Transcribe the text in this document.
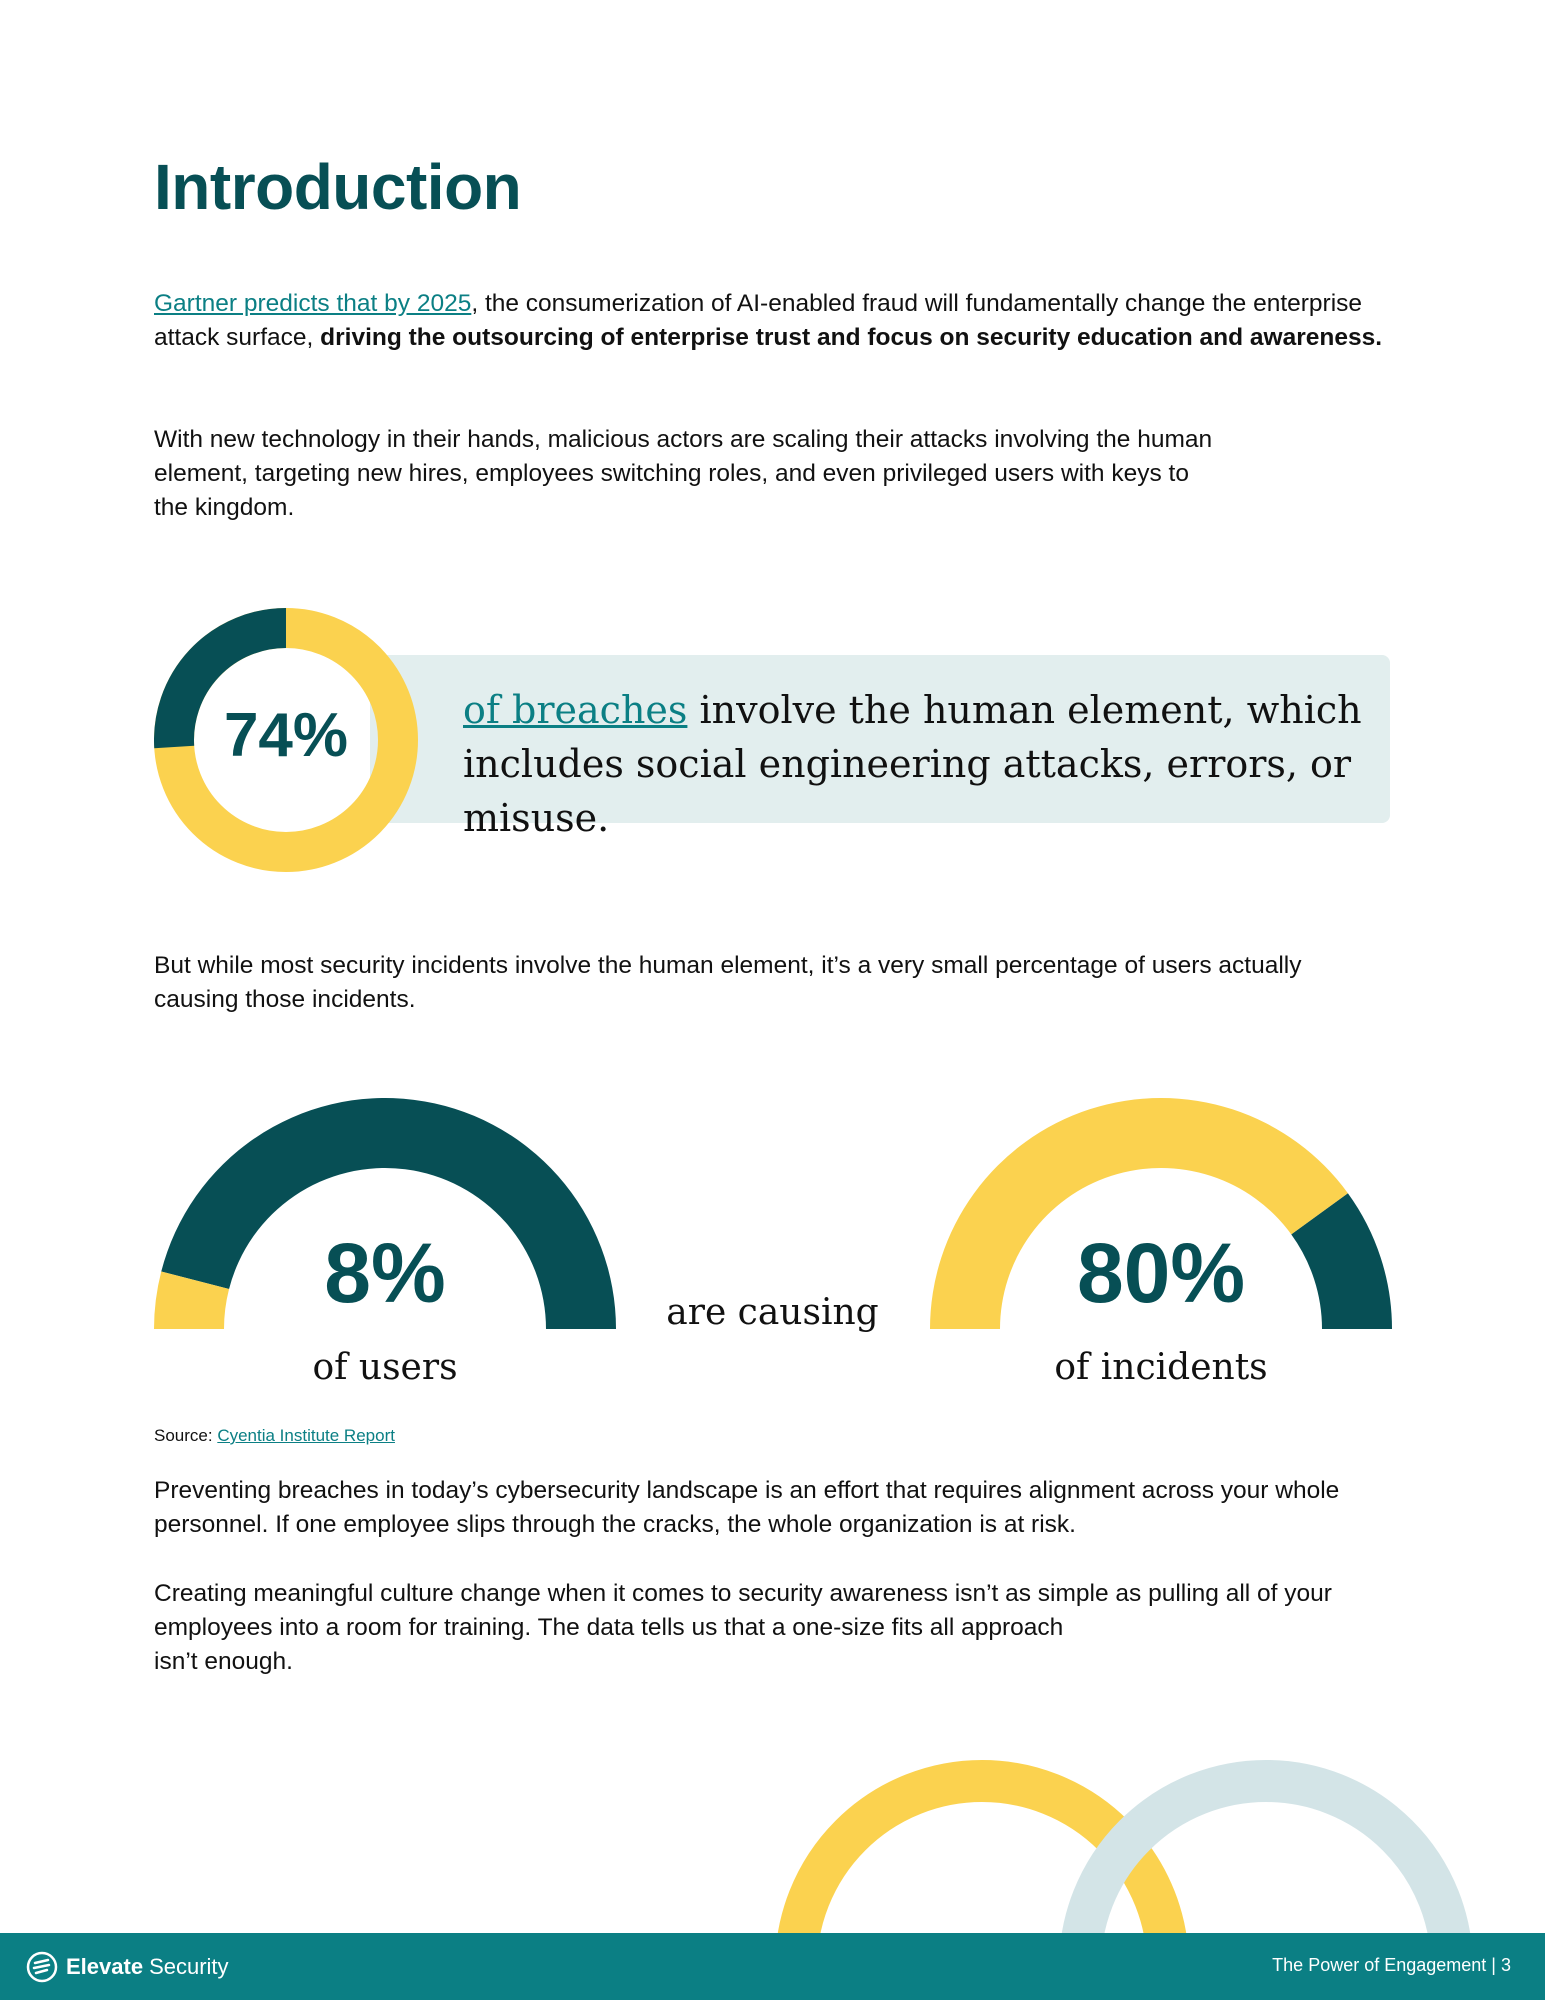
Introduction

Gartner predicts that by 2025, the consumerization of AI-enabled fraud will fundamentally change the enterprise attack surface, driving the outsourcing of enterprise trust and focus on security education and awareness.

With new technology in their hands, malicious actors are scaling their attacks involving the human
element, targeting new hires, employees switching roles, and even privileged users with keys to
the kingdom.

74%	of breaches involve the human element, which
includes social engineering attacks, errors, or misuse.

But while most security incidents involve the human element, it’s a very small percentage of users actually
causing those incidents.

8%
of users
are causing	80%
of incidents
Source: Cyentia Institute Report

Preventing breaches in today’s cybersecurity landscape is an effort that requires alignment across your whole
personnel. If one employee slips through the cracks, the whole organization is at risk.

Creating meaningful culture change when it comes to security awareness isn’t as simple as pulling all of your
employees into a room for training. The data tells us that a one-size fits all approach
isn’t enough.

Elevate Security	The Power of Engagement | 3
